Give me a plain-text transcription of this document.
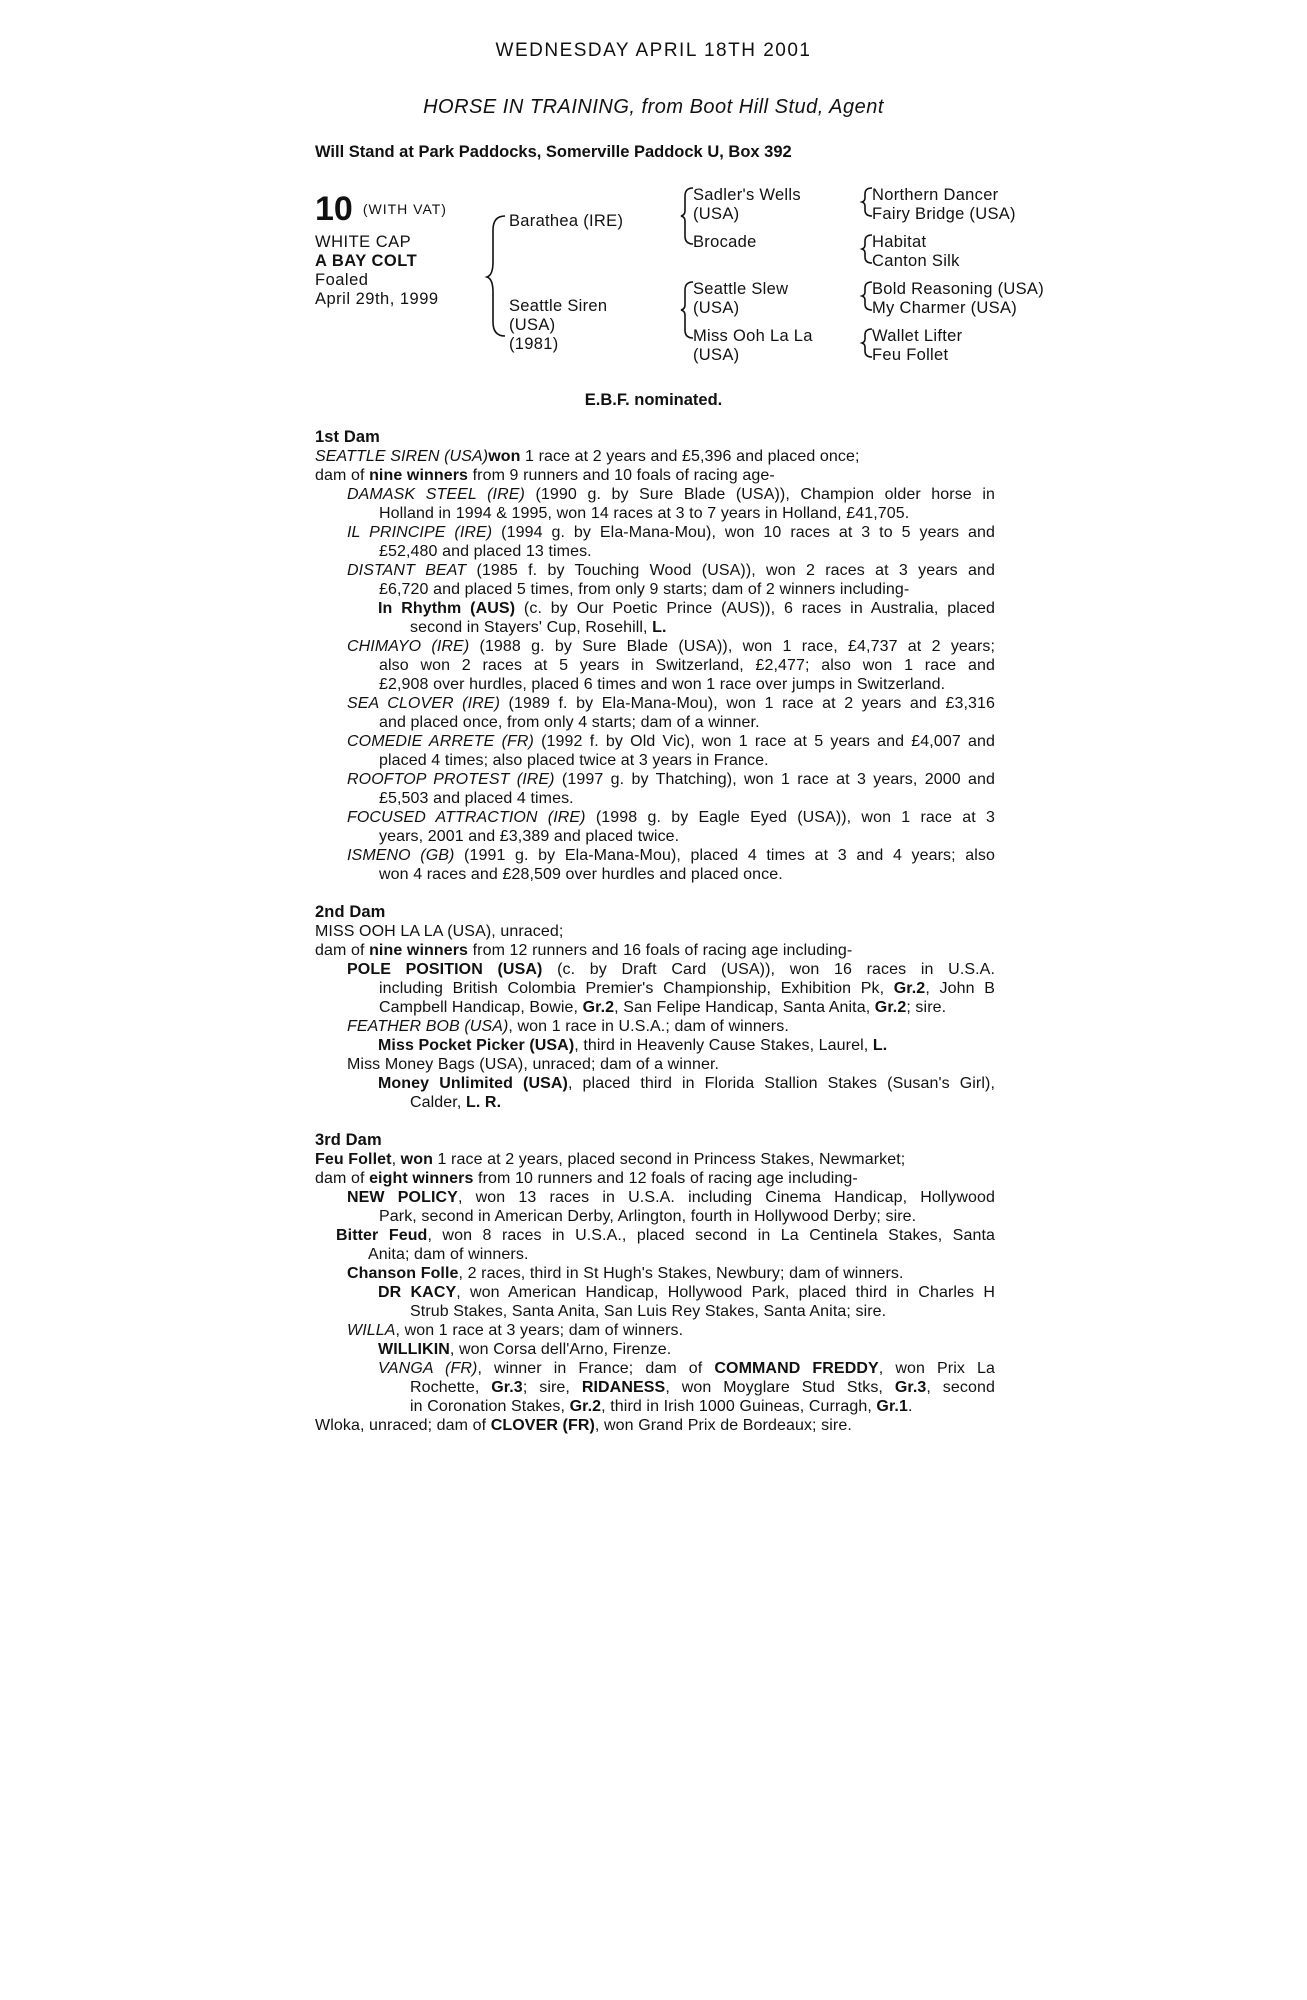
WEDNESDAY APRIL 18TH 2001
HORSE IN TRAINING, from Boot Hill Stud, Agent
Will Stand at Park Paddocks, Somerville Paddock U, Box 392
10 (WITH VAT)
WHITE CAP
A BAY COLT
Foaled
April 29th, 1999
Barathea (IRE)
Seattle Siren
(USA)
(1981)
Sadler's Wells
(USA)
Brocade
Seattle Slew
(USA)
Miss Ooh La La
(USA)
Northern Dancer
Fairy Bridge (USA)
Habitat
Canton Silk
Bold Reasoning (USA)
My Charmer (USA)
Wallet Lifter
Feu Follet
E.B.F. nominated.
1st Dam
SEATTLE SIREN (USA)won 1 race at 2 years and £5,396 and placed once;
dam of nine winners from 9 runners and 10 foals of racing age-
DAMASK STEEL (IRE) (1990 g. by Sure Blade (USA)), Champion older horse in
Holland in 1994 & 1995, won 14 races at 3 to 7 years in Holland, £41,705.
IL PRINCIPE (IRE) (1994 g. by Ela-Mana-Mou), won 10 races at 3 to 5 years and
£52,480 and placed 13 times.
DISTANT BEAT (1985 f. by Touching Wood (USA)), won 2 races at 3 years and
£6,720 and placed 5 times, from only 9 starts; dam of 2 winners including-
In Rhythm (AUS) (c. by Our Poetic Prince (AUS)), 6 races in Australia, placed
second in Stayers' Cup, Rosehill, L.
CHIMAYO (IRE) (1988 g. by Sure Blade (USA)), won 1 race, £4,737 at 2 years;
also won 2 races at 5 years in Switzerland, £2,477; also won 1 race and
£2,908 over hurdles, placed 6 times and won 1 race over jumps in Switzerland.
SEA CLOVER (IRE) (1989 f. by Ela-Mana-Mou), won 1 race at 2 years and £3,316
and placed once, from only 4 starts; dam of a winner.
COMEDIE ARRETE (FR) (1992 f. by Old Vic), won 1 race at 5 years and £4,007 and
placed 4 times; also placed twice at 3 years in France.
ROOFTOP PROTEST (IRE) (1997 g. by Thatching), won 1 race at 3 years, 2000 and
£5,503 and placed 4 times.
FOCUSED ATTRACTION (IRE) (1998 g. by Eagle Eyed (USA)), won 1 race at 3
years, 2001 and £3,389 and placed twice.
ISMENO (GB) (1991 g. by Ela-Mana-Mou), placed 4 times at 3 and 4 years; also
won 4 races and £28,509 over hurdles and placed once.
2nd Dam
MISS OOH LA LA (USA), unraced;
dam of nine winners from 12 runners and 16 foals of racing age including-
POLE POSITION (USA) (c. by Draft Card (USA)), won 16 races in U.S.A.
including British Colombia Premier's Championship, Exhibition Pk, Gr.2, John B
Campbell Handicap, Bowie, Gr.2, San Felipe Handicap, Santa Anita, Gr.2; sire.
FEATHER BOB (USA), won 1 race in U.S.A.; dam of winners.
Miss Pocket Picker (USA), third in Heavenly Cause Stakes, Laurel, L.
Miss Money Bags (USA), unraced; dam of a winner.
Money Unlimited (USA), placed third in Florida Stallion Stakes (Susan's Girl),
Calder, L. R.
3rd Dam
Feu Follet, won 1 race at 2 years, placed second in Princess Stakes, Newmarket;
dam of eight winners from 10 runners and 12 foals of racing age including-
NEW POLICY, won 13 races in U.S.A. including Cinema Handicap, Hollywood
Park, second in American Derby, Arlington, fourth in Hollywood Derby; sire.
Bitter Feud, won 8 races in U.S.A., placed second in La Centinela Stakes, Santa
Anita; dam of winners.
Chanson Folle, 2 races, third in St Hugh's Stakes, Newbury; dam of winners.
DR KACY, won American Handicap, Hollywood Park, placed third in Charles H
Strub Stakes, Santa Anita, San Luis Rey Stakes, Santa Anita; sire.
WILLA, won 1 race at 3 years; dam of winners.
WILLIKIN, won Corsa dell'Arno, Firenze.
VANGA (FR), winner in France; dam of COMMAND FREDDY, won Prix La
Rochette, Gr.3; sire, RIDANESS, won Moyglare Stud Stks, Gr.3, second
in Coronation Stakes, Gr.2, third in Irish 1000 Guineas, Curragh, Gr.1.
Wloka, unraced; dam of CLOVER (FR), won Grand Prix de Bordeaux; sire.
